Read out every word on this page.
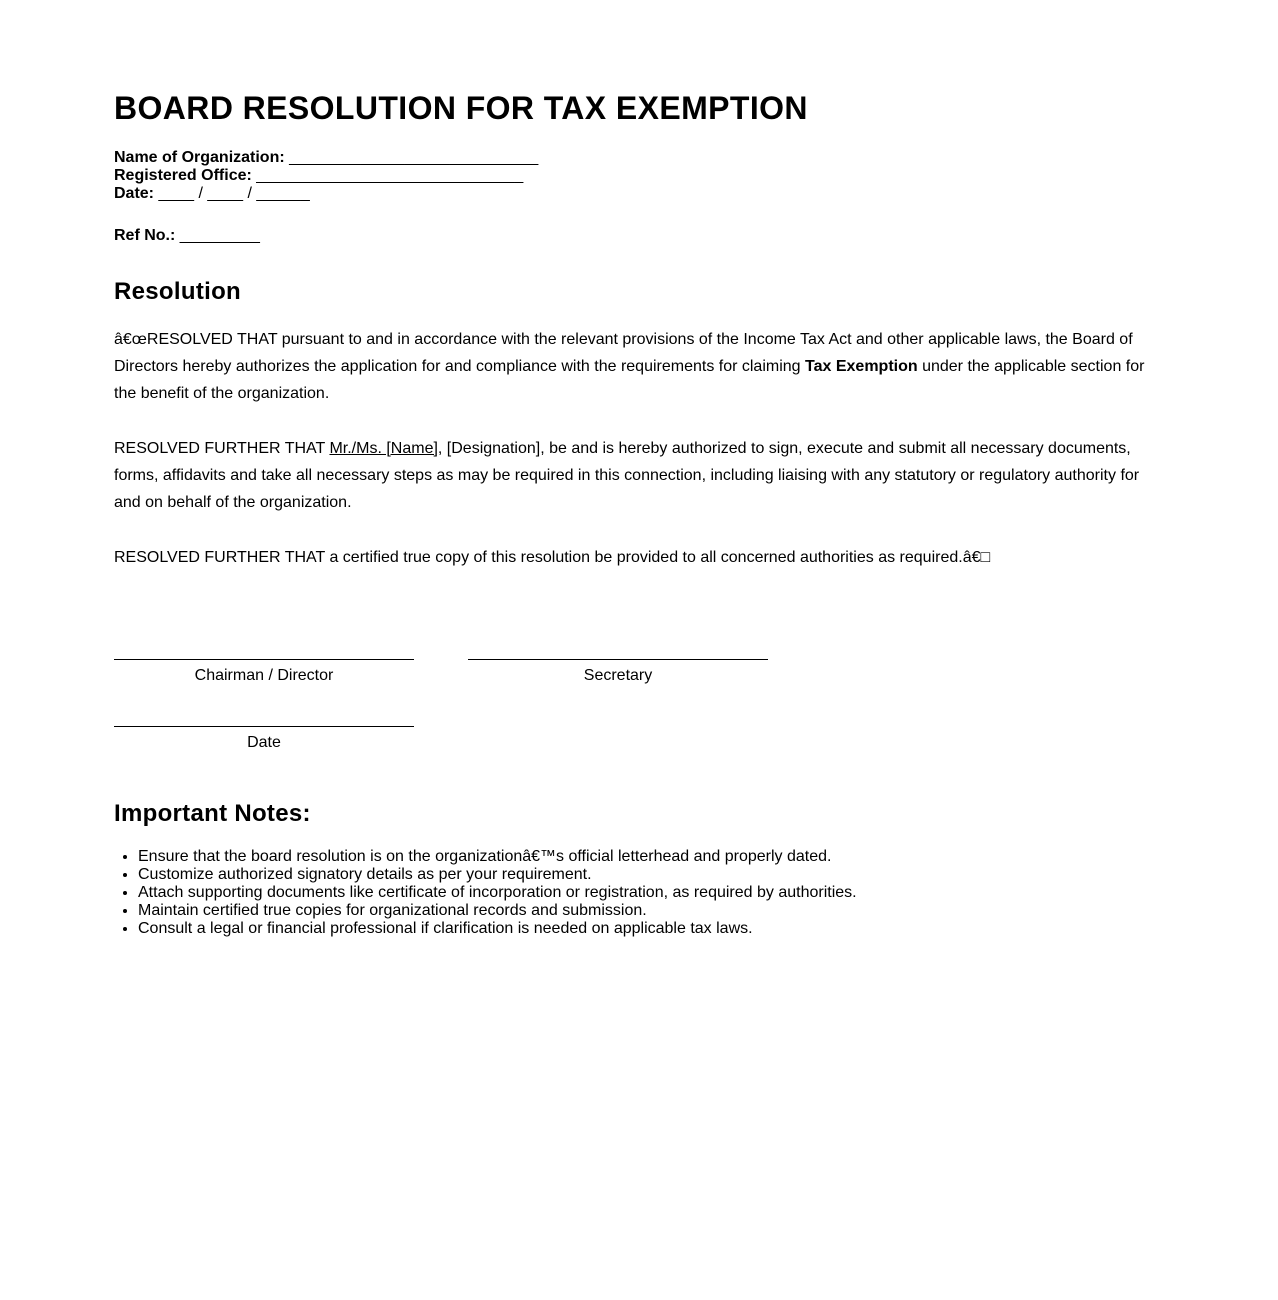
BOARD RESOLUTION FOR TAX EXEMPTION
Name of Organization: ____________________________
Registered Office: ______________________________
Date: ____ / ____ / ______
Ref No.: _________
Resolution

â€œRESOLVED THAT pursuant to and in accordance with the relevant provisions of the Income Tax Act and other applicable laws, the Board of Directors hereby authorizes the application for and compliance with the requirements for claiming Tax Exemption under the applicable section for the benefit of the organization.

RESOLVED FURTHER THAT Mr./Ms. [Name], [Designation], be and is hereby authorized to sign, execute and submit all necessary documents, forms, affidavits and take all necessary steps as may be required in this connection, including liaising with any statutory or regulatory authority for and on behalf of the organization.

RESOLVED FURTHER THAT a certified true copy of this resolution be provided to all concerned authorities as required.â€□

Chairman / Director	Secretary
Date
Important Notes:
• Ensure that the board resolution is on the organizationâ€™s official letterhead and properly dated.
• Customize authorized signatory details as per your requirement.
• Attach supporting documents like certificate of incorporation or registration, as required by authorities.
• Maintain certified true copies for organizational records and submission.
• Consult a legal or financial professional if clarification is needed on applicable tax laws.
